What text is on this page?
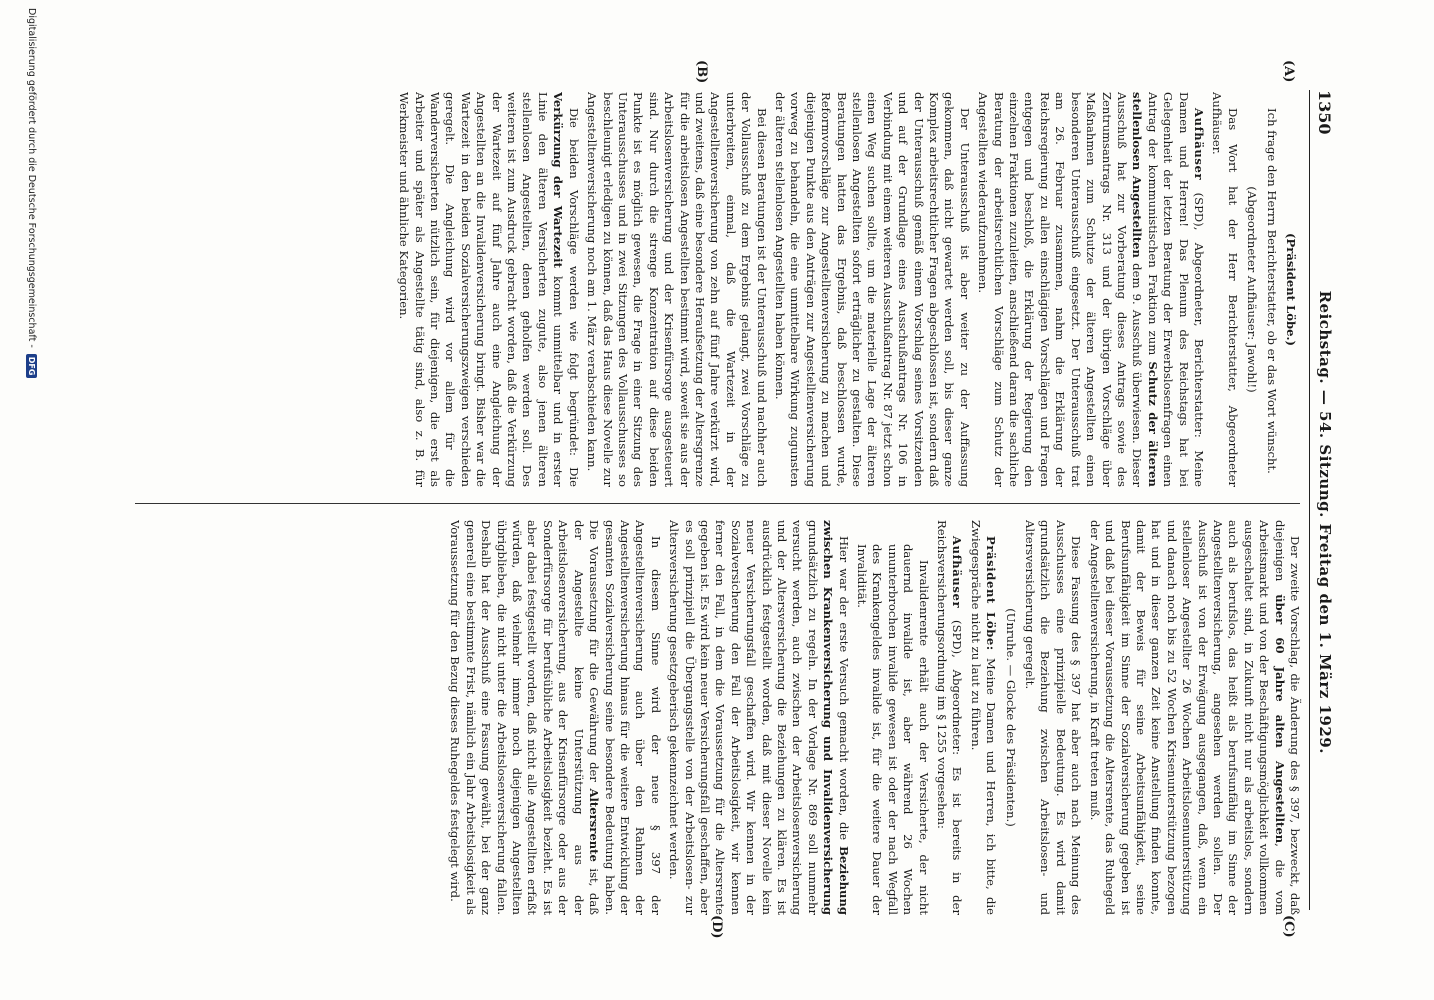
1350
Reichstag. — 54. Sitzung. Freitag den 1. März 1929.
(A)
(B)
(C)
(D)

(Präsident Löbe.)

Ich frage den Herrn Berichterstatter, ob er das Wort wünscht.

(Abgeordneter Aufhäuser: Jawohl!)

Das Wort hat der Herr Berichterstatter, Abgeordneter Aufhäuser.

Aufhäuser (SPD), Abgeordneter, Berichterstatter: Meine Damen und Herren! Das Plenum des Reichstags hat bei Gelegenheit der letzten Beratung der Erwerbslosenfragen einen Antrag der kommunistischen Fraktion zum Schutz der älteren stellenlosen Angestellten dem 9. Ausschuß überwiesen. Dieser Ausschuß hat zur Vorberatung dieses Antrags sowie des Zentrumsantrags Nr. 313 und der übrigen Vorschläge über Maßnahmen zum Schutze der älteren Angestellten einen besonderen Unterausschuß eingesetzt. Der Unterausschuß trat am 26. Februar zusammen, nahm die Erklärung der Reichsregierung zu allen einschlägigen Vorschlägen und Fragen entgegen und beschloß, die Erklärung der Regierung den einzelnen Fraktionen zuzuleiten, anschließend daran die sachliche Beratung der arbeitsrechtlichen Vorschläge zum Schutz der Angestellten wiederaufzunehmen.

Der Unterausschuß ist aber weiter zu der Auffassung gekommen, daß nicht gewartet werden soll, bis dieser ganze Komplex arbeitsrechtlicher Fragen abgeschlossen ist, sondern daß der Unterausschuß gemäß einem Vorschlag seines Vorsitzenden und auf der Grundlage eines Ausschußantrags Nr. 106 in Verbindung mit einem weiteren Ausschußantrag Nr. 87 jetzt schon einen Weg suchen sollte, um die materielle Lage der älteren stellenlosen Angestellten sofort erträglicher zu gestalten. Diese Beratungen hatten das Ergebnis, daß beschlossen wurde, Reformvorschläge zur Angestelltenversicherung zu machen und diejenigen Punkte aus den Anträgen zur Angestelltenversicherung vorweg zu behandeln, die eine unmittelbare Wirkung zugunsten der älteren stellenlosen Angestellten haben können.

Bei diesen Beratungen ist der Unterausschuß und nachher auch der Vollausschuß zu dem Ergebnis gelangt, zwei Vorschläge zu unterbreiten, einmal, daß die Wartezeit in der Angestelltenversicherung von zehn auf fünf Jahre verkürzt wird, und zweitens, daß eine besondere Heraufsetzung der Altersgrenze für die arbeitslosen Angestellten bestimmt wird, soweit sie aus der Arbeitslosenversicherung und der Krisenfürsorge ausgesteuert sind. Nur durch die strenge Konzentration auf diese beiden Punkte ist es möglich gewesen, die Frage in einer Sitzung des Unterausschusses und in zwei Sitzungen des Vollausschusses so beschleunigt erledigen zu können, daß das Haus diese Novelle zur Angestelltenversicherung noch am 1. März verabschieden kann.

Die beiden Vorschläge werden wie folgt begründet: Die Verkürzung der Wartezeit kommt unmittelbar und in erster Linie den älteren Versicherten zugute, also jenen älteren stellenlosen Angestellten, denen geholfen werden soll. Des weiteren ist zum Ausdruck gebracht worden, daß die Verkürzung der Wartezeit auf fünf Jahre auch eine Angleichung der Angestellten an die Invalidenversicherung bringt. Bisher war die Wartezeit in den beiden Sozialversicherungszweigen verschieden geregelt. Die Angleichung wird vor allem für die Wanderversicherten nützlich sein, für diejenigen, die erst als Arbeiter und später als Angestellte tätig sind, also z. B. für Werkmeister und ähnliche Kategorien.

Der zweite Vorschlag, die Änderung des § 397, bezweckt, daß diejenigen über 60 Jahre alten Angestellten, die vom Arbeitsmarkt und von der Beschäftigungsmöglichkeit vollkommen ausgeschaltet sind, in Zukunft nicht nur als arbeitslos, sondern auch als berufslos, das heißt als berufsunfähig im Sinne der Angestelltenversicherung, angesehen werden sollen. Der Ausschuß ist von der Erwägung ausgegangen, daß, wenn ein stellenloser Angestellter 26 Wochen Arbeitslosenunterstützung und danach noch bis zu 52 Wochen Krisenunterstützung bezogen hat und in dieser ganzen Zeit keine Anstellung finden konnte, damit der Beweis für seine Arbeitsunfähigkeit, seine Berufsunfähigkeit im Sinne der Sozialversicherung gegeben ist und daß bei dieser Voraussetzung die Altersrente, das Ruhegeld der Angestelltenversicherung, in Kraft treten muß.

Diese Fassung des § 397 hat aber auch nach Meinung des Ausschusses eine prinzipielle Bedeutung. Es wird damit grundsätzlich die Beziehung zwischen Arbeitslosen- und Altersversicherung geregelt.

(Unruhe. — Glocke des Präsidenten.)

Präsident Löbe: Meine Damen und Herren, ich bitte, die Zwiegespräche nicht zu laut zu führen.

Aufhäuser (SPD), Abgeordneter: Es ist bereits in der Reichsversicherungsordnung im § 1255 vorgesehen:

Invalidenrente erhält auch der Versicherte, der nicht dauernd invalide ist, aber während 26 Wochen ununterbrochen invalide gewesen ist oder der nach Wegfall des Krankengeldes invalide ist, für die weitere Dauer der Invalidität.

Hier war der erste Versuch gemacht worden, die Beziehung zwischen Krankenversicherung und Invalidenversicherung grundsätzlich zu regeln. In der Vorlage Nr. 869 soll nunmehr versucht werden, auch zwischen der Arbeitslosenversicherung und der Altersversicherung die Beziehungen zu klären. Es ist ausdrücklich festgestellt worden, daß mit dieser Novelle kein neuer Versicherungsfall geschaffen wird. Wir kennen in der Sozialversicherung den Fall der Arbeitslosigkeit, wir kennen ferner den Fall, in dem die Voraussetzung für die Altersrente gegeben ist. Es wird kein neuer Versicherungsfall geschaffen, aber es soll prinzipiell die Übergangsstelle von der Arbeitslosen- zur Altersversicherung gesetzgeberisch gekennzeichnet werden.

In diesem Sinne wird der neue § 397 der Angestelltenversicherung auch über den Rahmen der Angestelltenversicherung hinaus für die weitere Entwicklung der gesamten Sozialversicherung seine besondere Bedeutung haben. Die Voraussetzung für die Gewährung der Altersrente ist, daß der Angestellte keine Unterstützung aus der Arbeitslosenversicherung, aus der Krisenfürsorge oder aus der Sonderfürsorge für berufsübliche Arbeitslosigkeit bezieht. Es ist aber dabei festgestellt worden, daß nicht alle Angestellten erfaßt würden, daß vielmehr immer noch diejenigen Angestellten übrigblieben, die nicht unter die Arbeitslosenversicherung fallen. Deshalb hat der Ausschuß eine Fassung gewählt, bei der ganz generell eine bestimmte Frist, nämlich ein Jahr Arbeitslosigkeit als Voraussetzung für den Bezug dieses Ruhegeldes festgelegt wird.

Digitalisierung gefördert durch die Deutsche Forschungsgemeinschaft -
DFG
